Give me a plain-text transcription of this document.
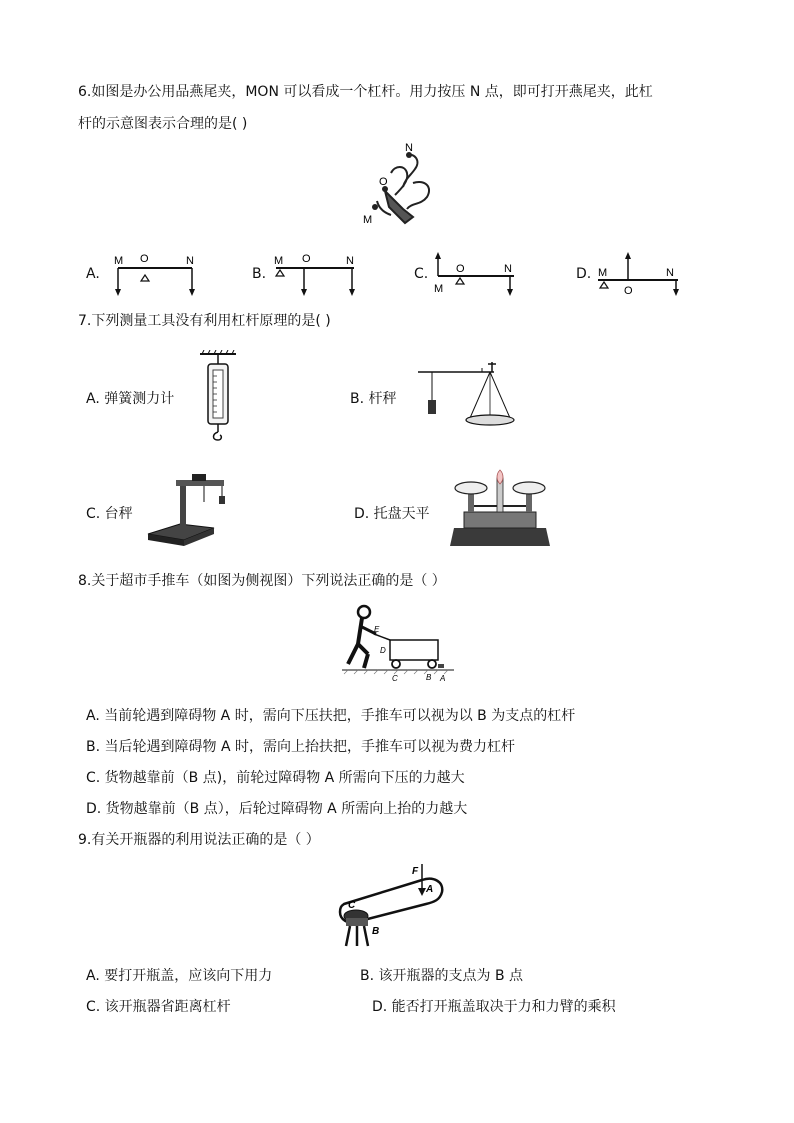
6.如图是办公用品燕尾夹，MON 可以看成一个杠杆。用力按压 N 点，即可打开燕尾夹，此杠
杆的示意图表示合理的是( )
N
O
M
A.
M O	N
B.
M O	N
C.
M
O	N	D. M
O
N
7.下列测量工具没有利用杠杆原理的是( )
A. 弹簧测力计	B. 杆秤
C. 台秤	D. 托盘天平
8.关于超市手推车（如图为侧视图）下列说法正确的是（ ）
E
D
C	B A
A. 当前轮遇到障碍物 A 时，需向下压扶把，手推车可以视为以 B 为支点的杠杆
B. 当后轮遇到障碍物 A 时，需向上抬扶把，手推车可以视为费力杠杆
C. 货物越靠前（B 点)，前轮过障碍物 A 所需向下压的力越大
D. 货物越靠前（B 点），后轮过障碍物 A 所需向上抬的力越大
9.有关开瓶器的利用说法正确的是（ ）
F
A
C
B
A. 要打开瓶盖，应该向下用力	B. 该开瓶器的支点为 B 点
C. 该开瓶器省距离杠杆	D. 能否打开瓶盖取决于力和力臂的乘积
